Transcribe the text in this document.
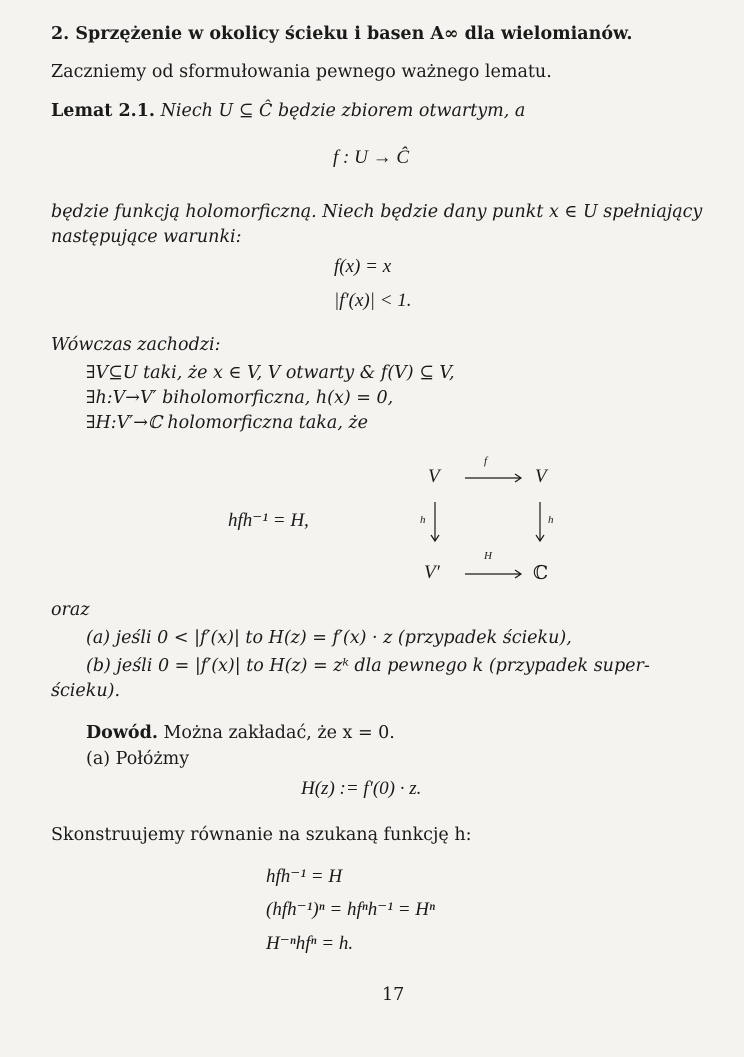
2. Sprzężenie w okolicy ścieku i basen A∞ dla wielomianów.
Zaczniemy od sformułowania pewnego ważnego lematu.
Lemat 2.1. Niech U ⊆ Ĉ będzie zbiorem otwartym, a
f : U → Ĉ
będzie funkcją holomorficzną. Niech będzie dany punkt x ∈ U spełniający
następujące warunki:
f(x) = x
|f′(x)| < 1.
Wówczas zachodzi:
∃V⊆U taki, że x ∈ V, V otwarty & f(V) ⊆ V,
∃h:V→V′ biholomorficzna, h(x) = 0,
∃H:V′→ℂ holomorficzna taka, że
hfh⁻¹ = H,
V	V
V′	ℂ
f
H
h	h
oraz
(a) jeśli 0 < |f′(x)| to H(z) = f′(x) · z (przypadek ścieku),
(b) jeśli 0 = |f′(x)| to H(z) = zᵏ dla pewnego k (przypadek super-
ścieku).
Dowód. Można zakładać, że x = 0.
(a) Połóżmy
H(z) := f′(0) · z.
Skonstruujemy równanie na szukaną funkcję h:
hfh⁻¹ = H
(hfh⁻¹)ⁿ = hfⁿh⁻¹ = Hⁿ
H⁻ⁿhfⁿ = h.
17
